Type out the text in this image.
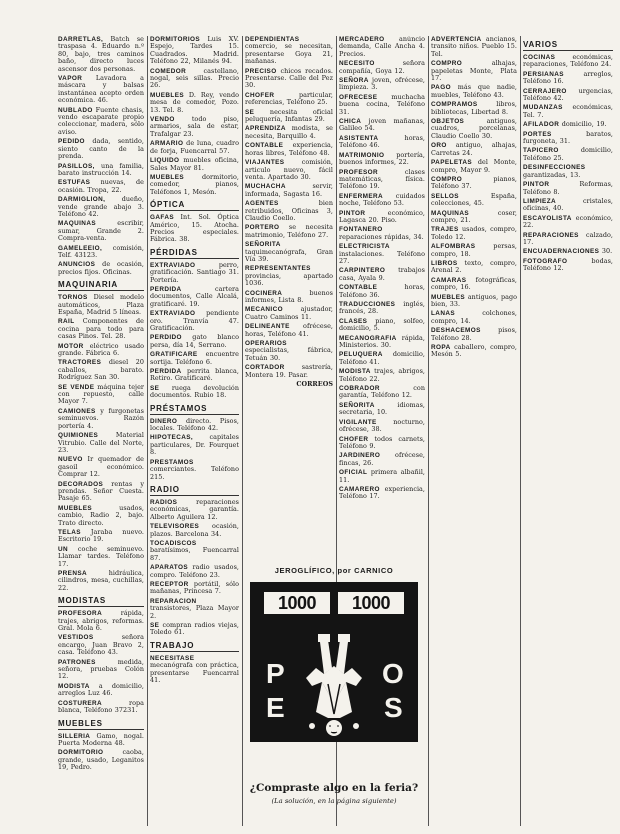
DARRETLAS, Batch se traspasa 4. Eduardo n.º 80, bajo, tres caminos baño, directo luces ascensor dos personas.
VAPOR Lavadora a máscara y balsas instantánea acepto orden económica. 46.
NUBLADO Fuente chasis, vendo escaparate propio coleccionar, madera, sólo aviso.
PEDIDO dada, sentido, siento canto de la prenda.
PASILLOS, una familia, barato instrucción 14.
ESTUFAS nuevas, de ocasión. Tropa, 22.
DARMIGLION, dueño, vende grande abajo 3. Teléfono 42.
MAQUINAS escribir, sumar, Grande 2. Compra-venta.
GAMELEEIO, comisión, Telf. 43123.
ANUNCIOS de ocasión, precios fijos. Oficinas.
MAQUINARIA
TORNOS Diesel modelo automáticos, Plaza España, Madrid 5 líneas.
RAIL Componentes de cocina para todo para casas Pinos. Tel. 28.
MOTOR eléctrico usado grande. Fábrica 6.
TRACTORES diesel 20 caballos, barato. Rodríguez San 30.
SE VENDE máquina tejer con repuesto, calle Mayor 7.
CAMIONES y furgonetas seminuevos. Razón portería 4.
QUIMIONES Material Vitrubio. Calle del Norte, 23.
NUEVO Ir quemador de gasoil económico. Comprar 12.
DECORADOS rentas y prendas. Señor Cuesta. Pasaje 65.
MUEBLES usados, cambio, Radio 2, bajo. Trato directo.
TELAS Jaraba nuevo. Escritorio 19.
UN coche seminuevo. Llamar tardes. Teléfono 17.
PRENSA hidráulica, cilindros, mesa, cuchillas, 22.
MODISTAS
PROFESORA rápida, trajes, abrigos, reformas. Gral. Mola 6.
VESTIDOS señora encargo, Juan Bravo 2, casa. Teléfono 43.
PATRONES medida, señora, pruebas Colón 12.
MODISTA a domicilio, arreglos Luz 46.
COSTURERA ropa blanca, Teléfono 37231.
MUEBLES
SILLERIA Gamo, nogal. Puerta Moderna 48.
DORMITORIO caoba, grande, usado, Leganitos 19, Pedro.
DORMITORIOS Luis XV. Espejo, Tardes 15. Cuadrados. Madrid. Teléfono 22, Milanés 94.
COMEDOR castellano, nogal, seis sillas. Precio 26.
MUEBLES D. Rey, vendo mesa de comedor, Pozo. 13. Tel. 8.
VENDO todo piso, armarios, sala de estar, Trafalgar 23.
ARMARIO de luna, cuadro de forja, Fuencarral 57.
LIQUIDO muebles oficina, Sales Mayor 81.
MUEBLES dormitorio, comedor, pianos, Teléfonos 1, Mesón.
ÓPTICA
GAFAS Int. Sol. Óptica Américo, 15. Atocha. Precios especiales. Fábrica. 38.
PÉRDIDAS
EXTRAVIADO perro, gratificación. Santiago 31. Portería.
PERDIDA cartera documentos, Calle Alcalá, gratificaré. 19.
EXTRAVIADO pendiente oro. Tranvía 47. Gratificación.
PERDIDO gato blanco persa, día 14, Serrano.
GRATIFICARE encuentre sortija. Teléfono 6.
PERDIDA perrita blanca, Retiro. Gratificaré.
SE ruega devolución documentos. Rubio 18.
PRÉSTAMOS
DINERO directo. Pisos, locales. Teléfono 42.
HIPOTECAS, capitales particulares, Dr. Fourquet 8.
PRESTAMOS comerciantes. Teléfono 215.
RADIO
RADIOS reparaciones económicas, garantía. Alberto Aguilera 12.
TELEVISORES ocasión, plazos. Barcelona 34.
TOCADISCOS baratísimos, Fuencarral 87.
APARATOS radio usados, compro. Teléfono 23.
RECEPTOR portátil, sólo mañanas, Princesa 7.
REPARACION transistores, Plaza Mayor 2.
SE compran radios viejas, Toledo 61.
TRABAJO
NECESITASE mecanógrafa con práctica, presentarse Fuencarral 41.
DEPENDIENTAS comercio, se necesitan, presentarse Goya 21, mañanas.
PRECISO chicos recados. Presentarse. Calle del Pez 30.
CHOFER particular, referencias, Teléfono 25.
SE necesita oficial peluquería, Infantas 29.
APRENDIZA modista, se necesita, Barquillo 4.
CONTABLE experiencia, horas libres, Teléfono 48.
VIAJANTES comisión, articulo nuevo, fácil venta. Apartado 30.
MUCHACHA servir, informada, Sagasta 16.
AGENTES bien retribuidos, Oficinas 3, Claudio Coello.
PORTERO se necesita matrimonio, Teléfono 27.
SEÑORITA taquimecanógrafa, Gran Vía 39.
REPRESENTANTES provincias, apartado 1036.
COCINERA buenos informes, Lista 8.
MECANICO ajustador, Cuatro Caminos 11.
DELINEANTE ofrécese, horas, Teléfono 41.
OPERARIOS especialistas, fábrica, Tetuán 30.
CORTADOR sastrería, Montera 19. Pasar.
CORREOS
MERCADERO anúncio demanda, Calle Ancha 4. Precios.
NECESITO señora compañía, Goya 12.
SEÑORA joven, ofrécese, limpieza. 3.
OFRECESE muchacha buena cocina, Teléfono 31.
CHICA joven mañanas, Galileo 54.
ASISTENTA horas, Teléfono 46.
MATRIMONIO portería, buenos informes, 22.
PROFESOR clases matemáticas, física. Teléfono 19.
ENFERMERA cuidados noche, Teléfono 53.
PINTOR económico, Lagasca 20. Piso.
FONTANERO reparaciones rápidas, 34.
ELECTRICISTA instalaciones. Teléfono 27.
CARPINTERO trabajos casa, Ayala 9.
CONTABLE horas, Teléfono 36.
TRADUCCIONES inglés, francés, 28.
CLASES piano, solfeo, domicilio, 5.
MECANOGRAFIA rápida, Ministerios. 30.
PELUQUERA domicilio, Teléfono 41.
MODISTA trajes, abrigos, Teléfono 22.
COBRADOR con garantía, Teléfono 12.
SEÑORITA idiomas, secretaria, 10.
VIGILANTE nocturno, ofrécese, 38.
CHOFER todos carnets, Teléfono 9.
JARDINERO ofrécese, fincas, 26.
OFICIAL primera albañil, 11.
CAMARERO experiencia, Teléfono 17.
ADVERTENCIA ancianos, transito niños. Pueblo 15. Tel.
COMPRO alhajas, papeletas Monte, Plata 17.
PAGO más que nadie, muebles, Teléfono 43.
COMPRAMOS libros, bibliotecas, Libertad 8.
OBJETOS antiguos, cuadros, porcelanas, Claudio Coello 30.
ORO antiguo, alhajas, Carretas 24.
PAPELETAS del Monte, compro, Mayor 9.
COMPRO pianos, Teléfono 37.
SELLOS España, colecciones, 45.
MAQUINAS coser, compro, 21.
TRAJES usados, compro, Toledo 12.
ALFOMBRAS persas, compro, 18.
LIBROS texto, compro, Arenal 2.
CAMARAS fotográficas, compro, 16.
MUEBLES antiguos, pago bien, 33.
LANAS colchones, compro, 14.
DESHACEMOS pisos, Teléfono 28.
ROPA caballero, compro, Mesón 5.
VARIOS
COCINAS económicas, reparaciones, Teléfono 24.
PERSIANAS arreglos, Teléfono 16.
CERRAJERO urgencias, Teléfono 42.
MUDANZAS económicas, Tel. 7.
AFILADOR domicilio, 19.
PORTES baratos, furgoneta, 31.
TAPICERO domicilio, Teléfono 25.
DESINFECCIONES garantizadas, 13.
PINTOR Reformas, Teléfono 8.
LIMPIEZA cristales, oficinas, 40.
ESCAYOLISTA económico, 22.
REPARACIONES calzado, 17.
ENCUADERNACIONES 30.
FOTOGRAFO bodas, Teléfono 12.
JEROGLÍFICO, por CARNICO
1000	1000
P
E
O
S
¿Compraste algo en la feria?
(La solución, en la página siguiente)
